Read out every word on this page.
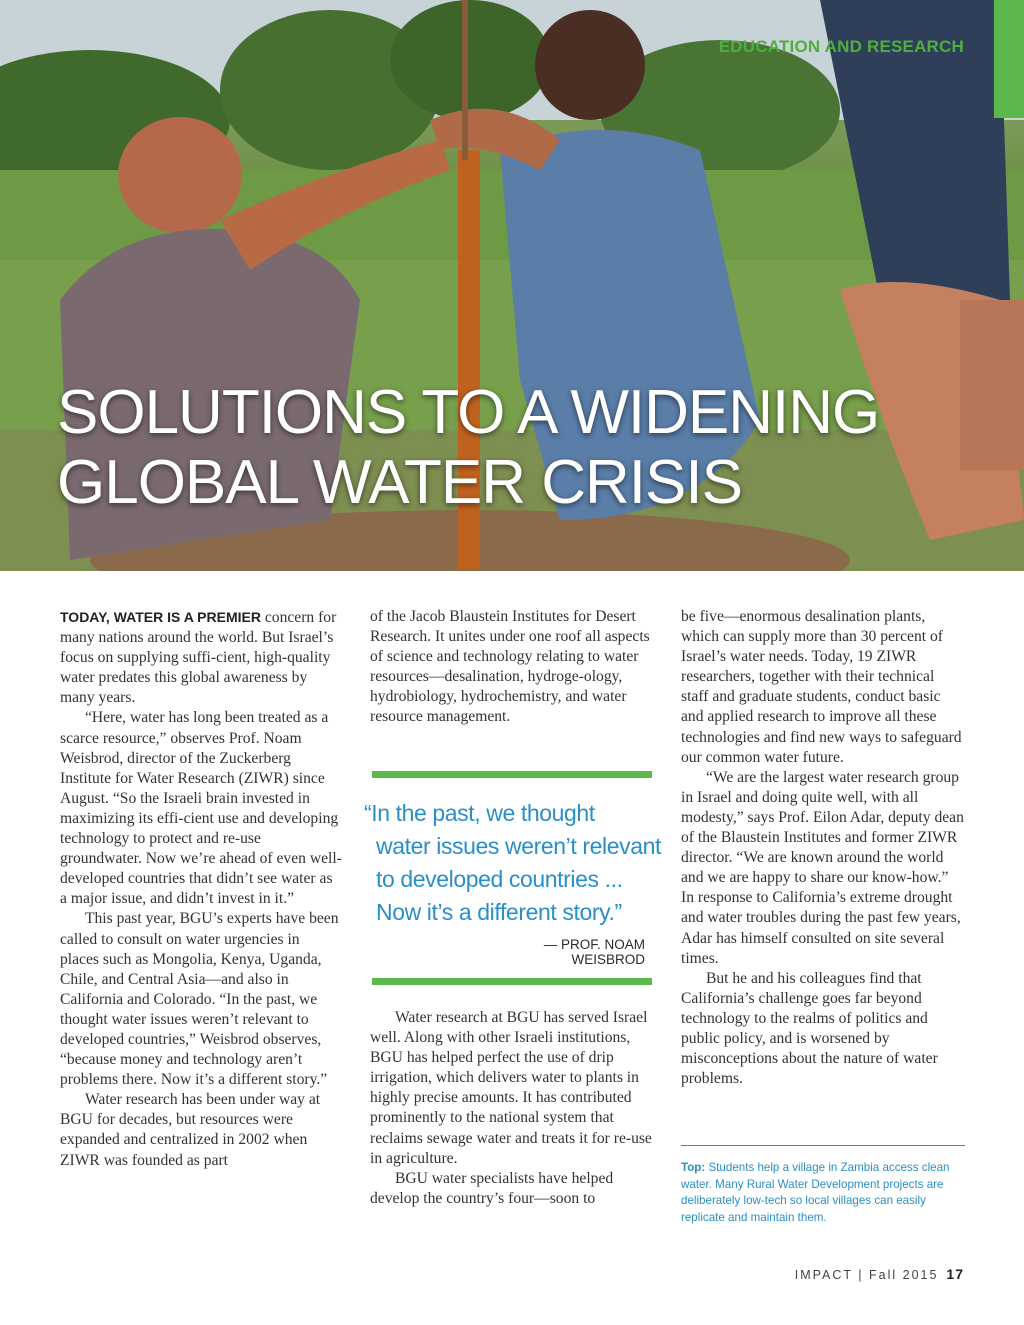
EDUCATION AND RESEARCH

SOLUTIONS TO A WIDENING
GLOBAL WATER CRISIS

TODAY, WATER IS A PREMIER concern for many nations around the world. But Israel’s focus on supplying suffi-cient, high-quality water predates this global awareness by many years.

“Here, water has long been treated as a scarce resource,” observes Prof. Noam Weisbrod, director of the Zuckerberg Institute for Water Research (ZIWR) since August. “So the Israeli brain invested in maximizing its effi-cient use and developing technology to protect and re-use groundwater. Now we’re ahead of even well-developed countries that didn’t see water as a major issue, and didn’t invest in it.”

This past year, BGU’s experts have been called to consult on water urgencies in places such as Mongolia, Kenya, Uganda, Chile, and Central Asia—and also in California and Colorado. “In the past, we thought water issues weren’t relevant to developed countries,” Weisbrod observes, “because money and technology aren’t problems there. Now it’s a different story.”

Water research has been under way at BGU for decades, but resources were expanded and centralized in 2002 when ZIWR was founded as part

of the Jacob Blaustein Institutes for Desert Research. It unites under one roof all aspects of science and technology relating to water resources—desalination, hydroge-ology, hydrobiology, hydrochemistry, and water resource management.

“In the past, we thought
water issues weren’t relevant
to developed countries ...
Now it’s a different story.”

— PROF. NOAM WEISBROD

Water research at BGU has served Israel well. Along with other Israeli institutions, BGU has helped perfect the use of drip irrigation, which delivers water to plants in highly precise amounts. It has contributed prominently to the national system that reclaims sewage water and treats it for re-use in agriculture.

BGU water specialists have helped develop the country’s four—soon to

be five—enormous desalination plants, which can supply more than 30 percent of Israel’s water needs. Today, 19 ZIWR researchers, together with their technical staff and graduate students, conduct basic and applied research to improve all these technologies and find new ways to safeguard our common water future.

“We are the largest water research group in Israel and doing quite well, with all modesty,” says Prof. Eilon Adar, deputy dean of the Blaustein Institutes and former ZIWR director. “We are known around the world and we are happy to share our know-how.” In response to California’s extreme drought and water troubles during the past few years, Adar has himself consulted on site several times.

But he and his colleagues find that California’s challenge goes far beyond technology to the realms of politics and public policy, and is worsened by misconceptions about the nature of water problems.

Top: Students help a village in Zambia access clean water. Many Rural Water Development projects are deliberately low-tech so local villages can easily replicate and maintain them.

IMPACT | Fall 2015 17
